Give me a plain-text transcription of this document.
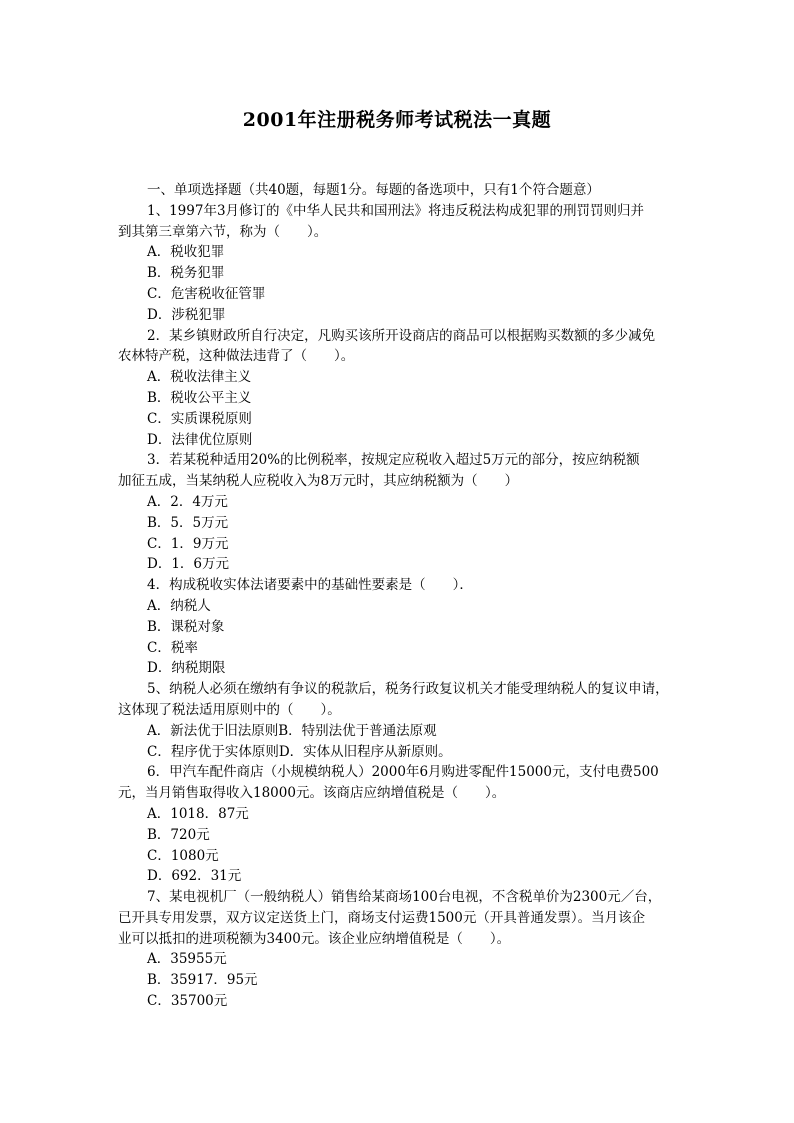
2001年注册税务师考试税法一真题
一、单项选择题（共40题，每题1分。每题的备选项中，只有1个符合题意）
1、1997年3月修订的《中华人民共和国刑法》将违反税法构成犯罪的刑罚罚则归并
到其第三章第六节，称为（　　）。
A．税收犯罪
B．税务犯罪
C．危害税收征管罪
D．涉税犯罪
2．某乡镇财政所自行决定，凡购买该所开设商店的商品可以根据购买数额的多少减免
农林特产税，这种做法违背了（　　）。
A．税收法律主义
B．税收公平主义
C．实质课税原则
D．法律优位原则
3．若某税种适用20%的比例税率，按规定应税收入超过5万元的部分，按应纳税额
加征五成，当某纳税人应税收入为8万元时，其应纳税额为（　　）
A．2．4万元
B．5．5万元
C．1．9万元
D．1．6万元
4．构成税收实体法诸要素中的基础性要素是（　　）．
A．纳税人
B．课税对象
C．税率
D．纳税期限
5、纳税人必须在缴纳有争议的税款后，税务行政复议机关才能受理纳税人的复议申请，
这体现了税法适用原则中的（　　）。
A．新法优于旧法原则B．特别法优于普通法原观
C．程序优于实体原则D．实体从旧程序从新原则。
6．甲汽车配件商店（小规模纳税人）2000年6月购进零配件15000元，支付电费500
元，当月销售取得收入18000元。该商店应纳增值税是（　　）。
A．1018．87元
B．720元
C．1080元
D．692．31元
7、某电视机厂（一般纳税人）销售给某商场100台电视，不含税单价为2300元／台，
已开具专用发票，双方议定送货上门，商场支付运费1500元（开具普通发票）。当月该企
业可以抵扣的进项税额为3400元。该企业应纳增值税是（　　）。
A．35955元
B．35917．95元
C．35700元
